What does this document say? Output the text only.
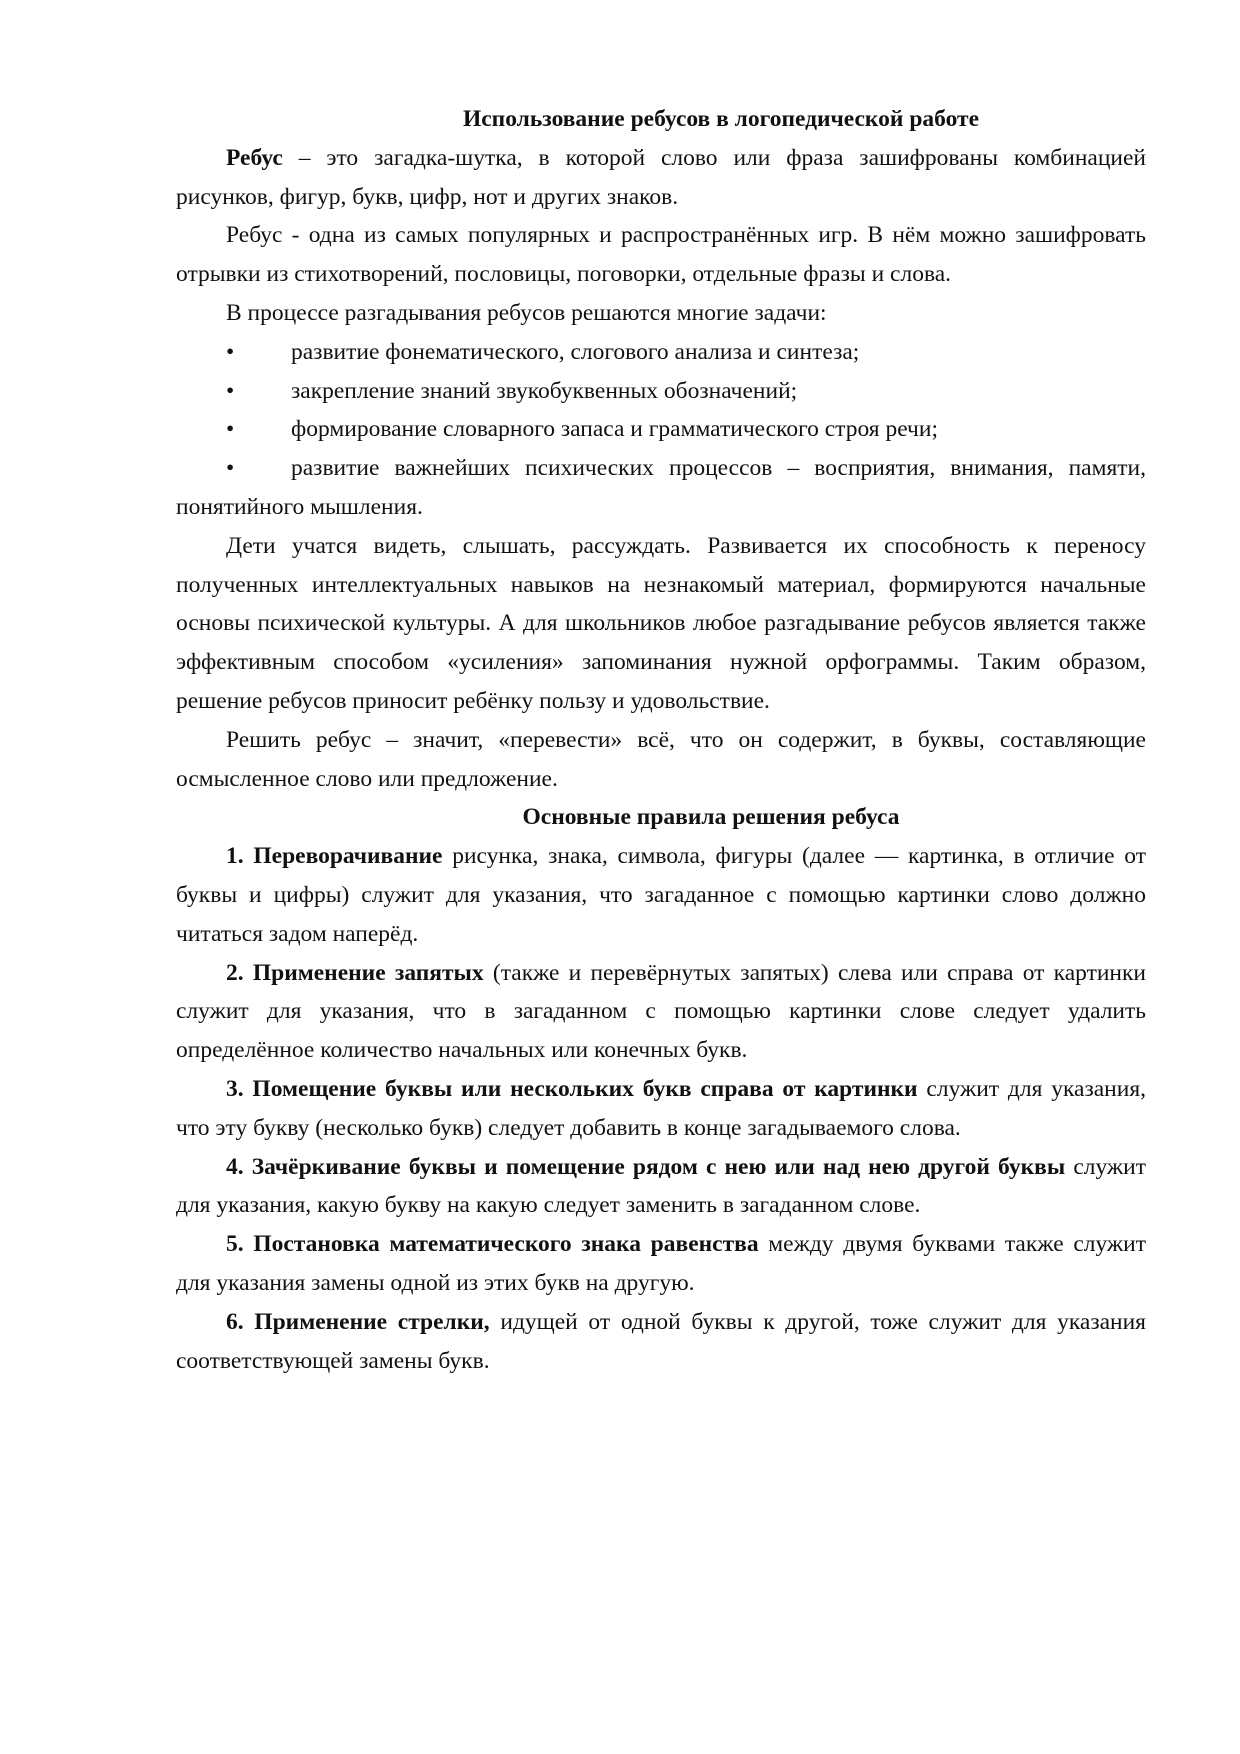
Использование ребусов в логопедической работе

Ребус – это загадка-шутка, в которой слово или фраза зашифрованы комбинацией рисунков, фигур, букв, цифр, нот и других знаков.

Ребус - одна из самых популярных и распространённых игр. В нём можно зашифровать отрывки из стихотворений, пословицы, поговорки, отдельные фразы и слова.

В процессе разгадывания ребусов решаются многие задачи:

• развитие фонематического, слогового анализа и синтеза;
• закрепление знаний звукобуквенных обозначений;
• формирование словарного запаса и грамматического строя речи;
• развитие важнейших психических процессов – восприятия, внимания, памяти, понятийного мышления.

Дети учатся видеть, слышать, рассуждать. Развивается их способность к переносу полученных интеллектуальных навыков на незнакомый материал, формируются начальные основы психической культуры. А для школьников любое разгадывание ребусов является также эффективным способом «усиления» запоминания нужной орфограммы. Таким образом, решение ребусов приносит ребёнку пользу и удовольствие.

Решить ребус – значит, «перевести» всё, что он содержит, в буквы, составляющие осмысленное слово или предложение.

Основные правила решения ребуса

1. Переворачивание рисунка, знака, символа, фигуры (далее — картинка, в отличие от буквы и цифры) служит для указания, что загаданное с помощью картинки слово должно читаться задом наперёд.

2. Применение запятых (также и перевёрнутых запятых) слева или справа от картинки служит для указания, что в загаданном с помощью картинки слове следует удалить определённое количество начальных или конечных букв.

3. Помещение буквы или нескольких букв справа от картинки служит для указания, что эту букву (несколько букв) следует добавить в конце загадываемого слова.

4. Зачёркивание буквы и помещение рядом с нею или над нею другой буквы служит для указания, какую букву на какую следует заменить в загаданном слове.

5. Постановка математического знака равенства между двумя буквами также служит для указания замены одной из этих букв на другую.

6. Применение стрелки, идущей от одной буквы к другой, тоже служит для указания соответствующей замены букв.
